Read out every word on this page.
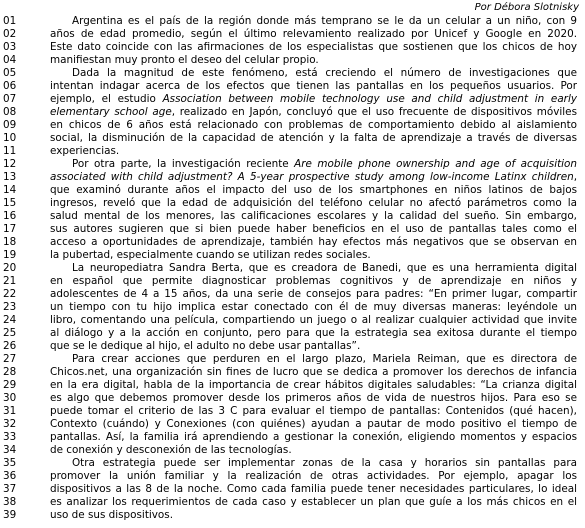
Por Débora Slotnisky
01	Argentina es el país de la región donde más temprano se le da un celular a un niño, con 9
02	años de edad promedio, según el último relevamiento realizado por Unicef y Google en 2020.
03	Este dato coincide con las afirmaciones de los especialistas que sostienen que los chicos de hoy
04	manifiestan muy pronto el deseo del celular propio.
05	Dada la magnitud de este fenómeno, está creciendo el número de investigaciones que
06	intentan indagar acerca de los efectos que tienen las pantallas en los pequeños usuarios. Por
07	ejemplo, el estudio Association between mobile technology use and child adjustment in early
08	elementary school age, realizado en Japón, concluyó que el uso frecuente de dispositivos móviles
09	en chicos de 6 años está relacionado con problemas de comportamiento debido al aislamiento
10	social, la disminución de la capacidad de atención y la falta de aprendizaje a través de diversas
11	experiencias.
12	Por otra parte, la investigación reciente Are mobile phone ownership and age of acquisition
13	associated with child adjustment? A 5-year prospective study among low-income Latinx children,
14	que examinó durante años el impacto del uso de los smartphones en niños latinos de bajos
15	ingresos, reveló que la edad de adquisición del teléfono celular no afectó parámetros como la
16	salud mental de los menores, las calificaciones escolares y la calidad del sueño. Sin embargo,
17	sus autores sugieren que si bien puede haber beneficios en el uso de pantallas tales como el
18	acceso a oportunidades de aprendizaje, también hay efectos más negativos que se observan en
19	la pubertad, especialmente cuando se utilizan redes sociales.
20	La neuropediatra Sandra Berta, que es creadora de Banedi, que es una herramienta digital
21	en español que permite diagnosticar problemas cognitivos y de aprendizaje en niños y
22	adolescentes de 4 a 15 años, da una serie de consejos para padres: “En primer lugar, compartir
23	un tiempo con tu hijo implica estar conectado con él de muy diversas maneras: leyéndole un
24	libro, comentando una película, compartiendo un juego o al realizar cualquier actividad que invite
25	al diálogo y a la acción en conjunto, pero para que la estrategia sea exitosa durante el tiempo
26	que se le dedique al hijo, el adulto no debe usar pantallas”.
27	Para crear acciones que perduren en el largo plazo, Mariela Reiman, que es directora de
28	Chicos.net, una organización sin fines de lucro que se dedica a promover los derechos de infancia
29	en la era digital, habla de la importancia de crear hábitos digitales saludables: “La crianza digital
30	es algo que debemos promover desde los primeros años de vida de nuestros hijos. Para eso se
31	puede tomar el criterio de las 3 C para evaluar el tiempo de pantallas: Contenidos (qué hacen),
32	Contexto (cuándo) y Conexiones (con quiénes) ayudan a pautar de modo positivo el tiempo de
33	pantallas. Así, la familia irá aprendiendo a gestionar la conexión, eligiendo momentos y espacios
34	de conexión y desconexión de las tecnologías.
35	Otra estrategia puede ser implementar zonas de la casa y horarios sin pantallas para
36	promover la unión familiar y la realización de otras actividades. Por ejemplo, apagar los
37	dispositivos a las 8 de la noche. Como cada familia puede tener necesidades particulares, lo ideal
38	es analizar los requerimientos de cada caso y establecer un plan que guíe a los más chicos en el
39	uso de sus dispositivos.
